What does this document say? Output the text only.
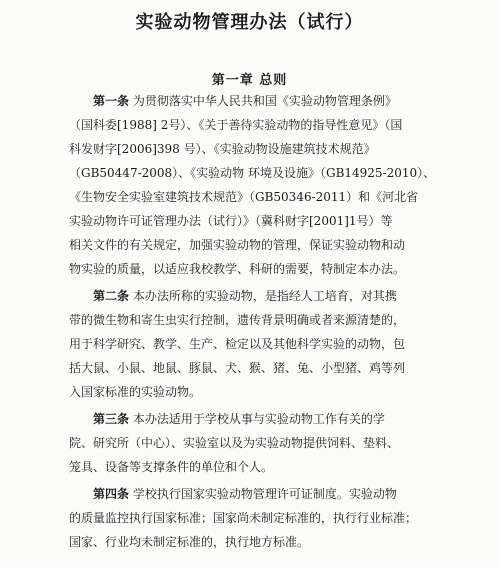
实验动物管理办法（试行）
第一章 总则
第一条 为贯彻落实中华人民共和国《实验动物管理条例》
（国科委[1988] 2号）、《关于善待实验动物的指导性意见》（国
科发财字[2006]398 号）、《实验动物设施建筑技术规范》
（GB50447-2008）、《实验动物 环境及设施》（GB14925-2010）、
《生物安全实验室建筑技术规范》（GB50346-2011）和《河北省
实验动物许可证管理办法（试行）》（冀科财字[2001]1号）等
相关文件的有关规定，加强实验动物的管理，保证实验动物和动
物实验的质量，以适应我校教学、科研的需要，特制定本办法。
第二条 本办法所称的实验动物，是指经人工培育，对其携
带的微生物和寄生虫实行控制，遗传背景明确或者来源清楚的，
用于科学研究、教学、生产、检定以及其他科学实验的动物，包
括大鼠、小鼠、地鼠、豚鼠、犬、猴、猪、兔、小型猪、鸡等列
入国家标准的实验动物。
第三条 本办法适用于学校从事与实验动物工作有关的学
院、研究所（中心）、实验室以及为实验动物提供饲料、垫料、
笼具、设备等支撑条件的单位和个人。
第四条 学校执行国家实验动物管理许可证制度。实验动物
的质量监控执行国家标准；国家尚未制定标准的，执行行业标准；
国家、行业均未制定标准的，执行地方标准。
